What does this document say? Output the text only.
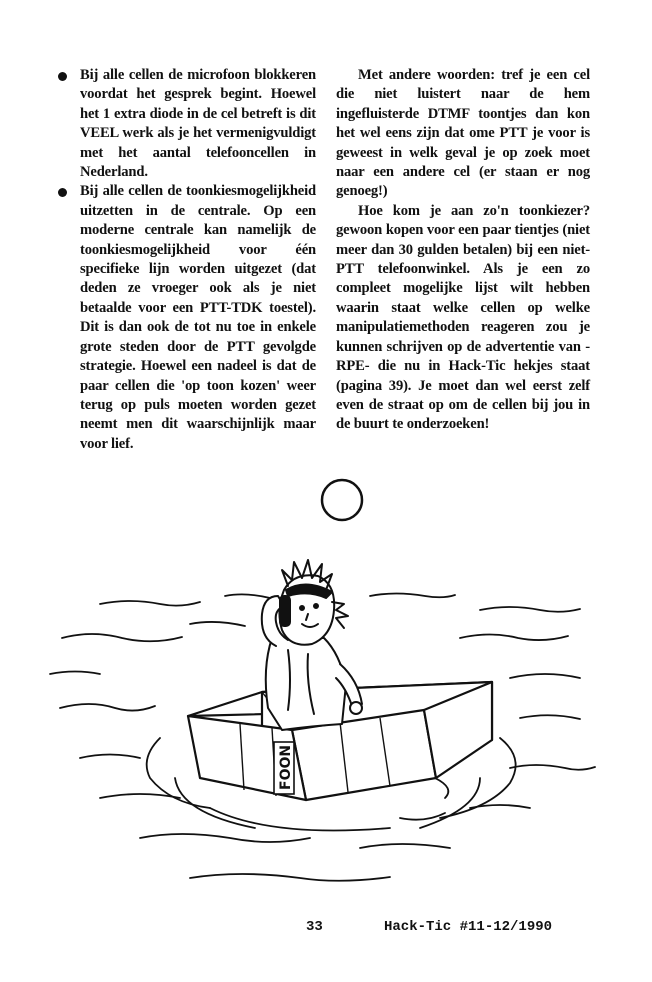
Bij alle cellen de microfoon blokkeren voordat het gesprek begint. Hoewel het 1 extra diode in de cel betreft is dit VEEL werk als je het vermenigvuldigt met het aantal telefooncellen in Nederland.

Bij alle cellen de toonkiesmogelijkheid uitzetten in de centrale. Op een moderne centrale kan namelijk de toonkiesmogelijkheid voor één specifieke lijn worden uitgezet (dat deden ze vroeger ook als je niet betaalde voor een PTT-TDK toestel). Dit is dan ook de tot nu toe in enkele grote steden door de PTT gevolgde strategie. Hoewel een nadeel is dat de paar cellen die 'op toon kozen' weer terug op puls moeten worden gezet neemt men dit waarschijnlijk maar voor lief.

Met andere woorden: tref je een cel die niet luistert naar de hem ingefluisterde DTMF toontjes dan kon het wel eens zijn dat ome PTT je voor is geweest in welk geval je op zoek moet naar een andere cel (er staan er nog genoeg!)

Hoe kom je aan zo'n toonkiezer? gewoon kopen voor een paar tientjes (niet meer dan 30 gulden betalen) bij een niet-PTT telefoonwinkel. Als je een zo compleet mogelijke lijst wilt hebben waarin staat welke cellen op welke manipulatiemethoden reageren zou je kunnen schrijven op de advertentie van -RPE- die nu in Hack-Tic hekjes staat (pagina 39). Je moet dan wel eerst zelf even de straat op om de cellen bij jou in de buurt te onderzoeken!

FOON
33	Hack-Tic #11-12/1990
